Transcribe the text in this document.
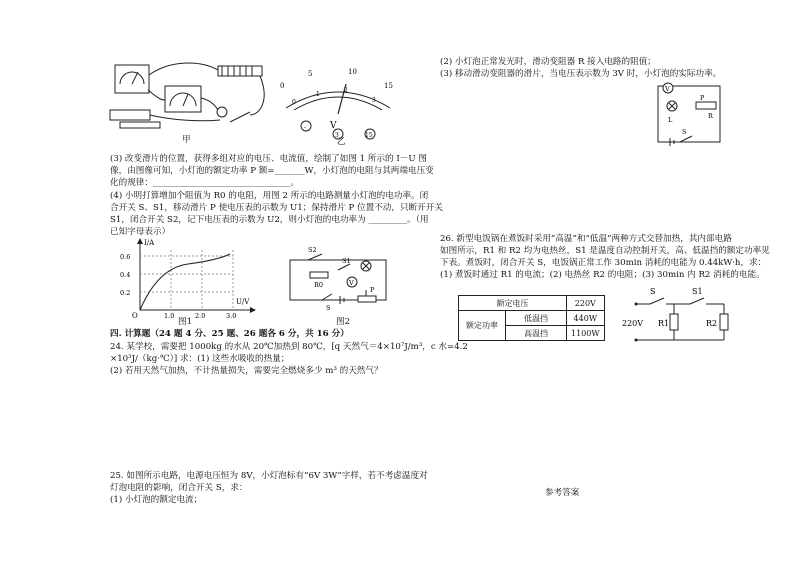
甲
0
5	10
15
0
1
2
3
V
-
3	15
乙
(3) 改变滑片的位置，获得多组对应的电压、电流值，绘制了如图 1 所示的 I－U 图
像，由图像可知，小灯泡的额定功率 P 额=_______W，小灯泡的电阻与其两端电压变
化的规律：________________________________。
(4) 小明打算增加个阻值为 R0 的电阻，用图 2 所示的电路测量小灯泡的电功率。闭
合开关 S、S1，移动滑片 P 使电压表的示数为 U1；保持滑片 P 位置不动，只断开开关
S1，闭合开关 S2，记下电压表的示数为 U2，则小灯泡的电功率为 _________。（用
已知字母表示）
I/A
U/V
O
0.6
0.4
0.2
1.0	2.0	3.0
图1
S2
R0
S1
V
S
P
图2
四. 计算题（24 题 4 分、25 题、26 题各 6 分，共 16 分）
24. 某学校，需要把 1000kg 的水从 20℃加热到 80℃，[q 天然气＝4×10⁷J/m³，c 水=4.2
×10³J/（kg·℃）] 求：(1) 这些水吸收的热量；
(2) 若用天然气加热，不计热量损失，需要完全燃烧多少 m³ 的天然气？
25. 如图所示电路，电源电压恒为 8V，小灯泡标有“6V 3W”字样，若不考虑温度对
灯泡电阻的影响，闭合开关 S，求：
(1) 小灯泡的额定电流；
(2) 小灯泡正常发光时，滑动变阻器 R 接入电路的阻值；
(3) 移动滑动变阻器的滑片，当电压表示数为 3V 时，小灯泡的实际功率。
V
L
P
R
S
26. 新型电饭锅在煮饭时采用“高温”和“低温”两种方式交替加热，其内部电路
如图所示，R1 和 R2 均为电热丝，S1 是温度自动控制开关，高、低温挡的额定功率见
下表。煮饭时，闭合开关 S，电饭锅正常工作 30min 消耗的电能为 0.44kW·h，求：
(1) 煮饭时通过 R1 的电流；(2) 电热丝 R2 的电阻；(3) 30min 内 R2 消耗的电能。
额定电压		220V
额定功率	低温挡	440W
	高温挡	1100W
S	S1
220V R1	R2
参考答案
